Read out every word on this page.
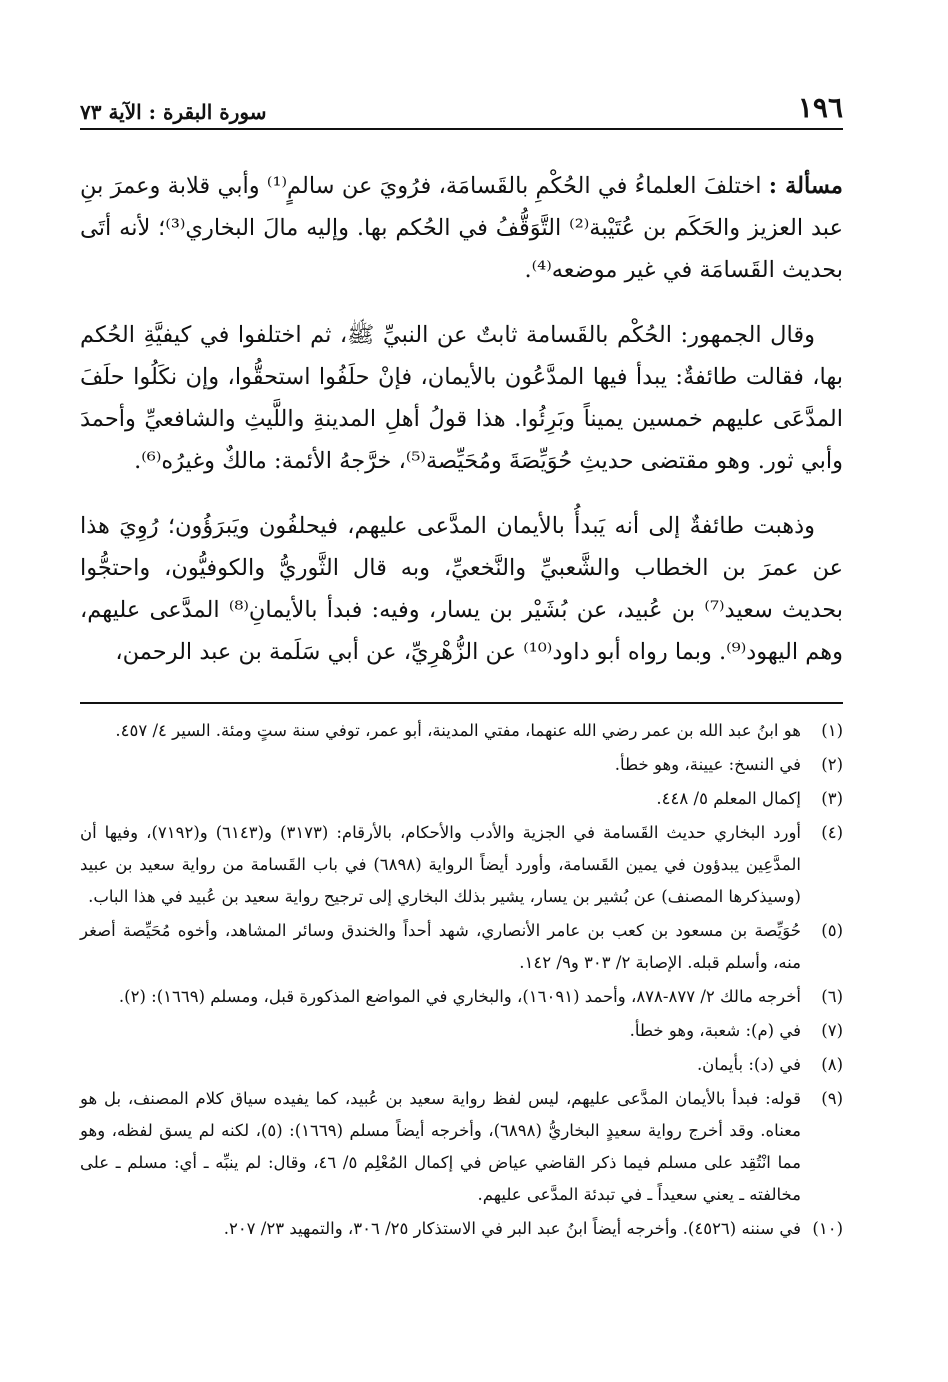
١٩٦
سورة البقرة : الآية ٧٣

مسألة : اختلفَ العلماءُ في الحُكْمِ بالقَسامَة، فرُويَ عن سالمٍ⁽¹⁾ وأبي قلابة وعمرَ بنِ عبد العزيز والحَكَم بن عُتَيْبة⁽²⁾ التَّوَقُّفُ في الحُكم بها. وإليه مالَ البخاري⁽³⁾؛ لأنه أتَى بحديث القَسامَة في غير موضعه⁽⁴⁾.

وقال الجمهور: الحُكْم بالقَسامة ثابتٌ عن النبيِّ ﷺ، ثم اختلفوا في كيفيَّةِ الحُكم بها، فقالت طائفةٌ: يبدأ فيها المدَّعُون بالأيمان، فإنْ حلَفُوا استحقُّوا، وإن نكَلُوا حلَفَ المدَّعَى عليهم خمسين يميناً وبَرِئُوا. هذا قولُ أهلِ المدينةِ واللَّيثِ والشافعيِّ وأحمدَ وأبي ثور. وهو مقتضى حديثِ حُوَيِّصَةَ ومُحَيِّصة⁽⁵⁾، خرَّجهُ الأئمة: مالكٌ وغيرُه⁽⁶⁾.

وذهبت طائفةٌ إلى أنه يَبدأُ بالأيمان المدَّعى عليهم، فيحلفُون ويَبرَؤُون؛ رُوِيَ هذا عن عمرَ بن الخطاب والشَّعبيِّ والنَّخعيِّ، وبه قال الثَّوريُّ والكوفيُّون، واحتجُّوا بحديث سعيد⁽⁷⁾ بن عُبيد، عن بُشَيْر بن يسار، وفيه: فبدأ بالأيمانِ⁽⁸⁾ المدَّعى عليهم، وهم اليهود⁽⁹⁾. وبما رواه أبو داود⁽¹⁰⁾ عن الزُّهْرِيِّ، عن أبي سَلَمة بن عبد الرحمن،

(١)
هو ابنُ عبد الله بن عمر رضي الله عنهما، مفتي المدينة، أبو عمر، توفي سنة ستٍ ومئة. السير ٤/ ٤٥٧.
(٢)
في النسخ: عيينة، وهو خطأ.
(٣)
إكمال المعلم ٥/ ٤٤٨.
(٤)
أورد البخاري حديث القَسامة في الجزية والأدب والأحكام، بالأرقام: (٣١٧٣) و(٦١٤٣) و(٧١٩٢)، وفيها أن المدَّعِين يبدؤون في يمين القَسامة، وأورد أيضاً الرواية (٦٨٩٨) في باب القَسامة من رواية سعيد بن عبيد (وسيذكرها المصنف) عن بُشير بن يسار، يشير بذلك البخاري إلى ترجيح رواية سعيد بن عُبيد في هذا الباب.
(٥)
حُوَيِّصة بن مسعود بن كعب بن عامر الأنصاري، شهد أحداً والخندق وسائر المشاهد، وأخوه مُحَيِّصة أصغر منه، وأسلم قبله. الإصابة ٢/ ٣٠٣ و٩/ ١٤٢.
(٦)
أخرجه مالك ٢/ ٨٧٧-٨٧٨، وأحمد (١٦٠٩١)، والبخاري في المواضع المذكورة قبل، ومسلم (١٦٦٩): (٢).
(٧)
في (م): شعبة، وهو خطأ.
(٨)
في (د): بأيمان.
(٩)
قوله: فبدأ بالأيمان المدَّعى عليهم، ليس لفظ رواية سعيد بن عُبيد، كما يفيده سياق كلام المصنف، بل هو معناه. وقد أخرج رواية سعيدٍ البخاريُّ (٦٨٩٨)، وأخرجه أيضاً مسلم (١٦٦٩): (٥)، لكنه لم يسق لفظه، وهو مما انْتُقِد على مسلم فيما ذكر القاضي عياض في إكمال المُعْلِم ٥/ ٤٦، وقال: لم ينبِّه ـ أي: مسلم ـ على مخالفته ـ يعني سعيداً ـ في تبدئة المدَّعى عليهم.
(١٠)
في سننه (٤٥٢٦). وأخرجه أيضاً ابنُ عبد البر في الاستذكار ٢٥/ ٣٠٦، والتمهيد ٢٣/ ٢٠٧.
